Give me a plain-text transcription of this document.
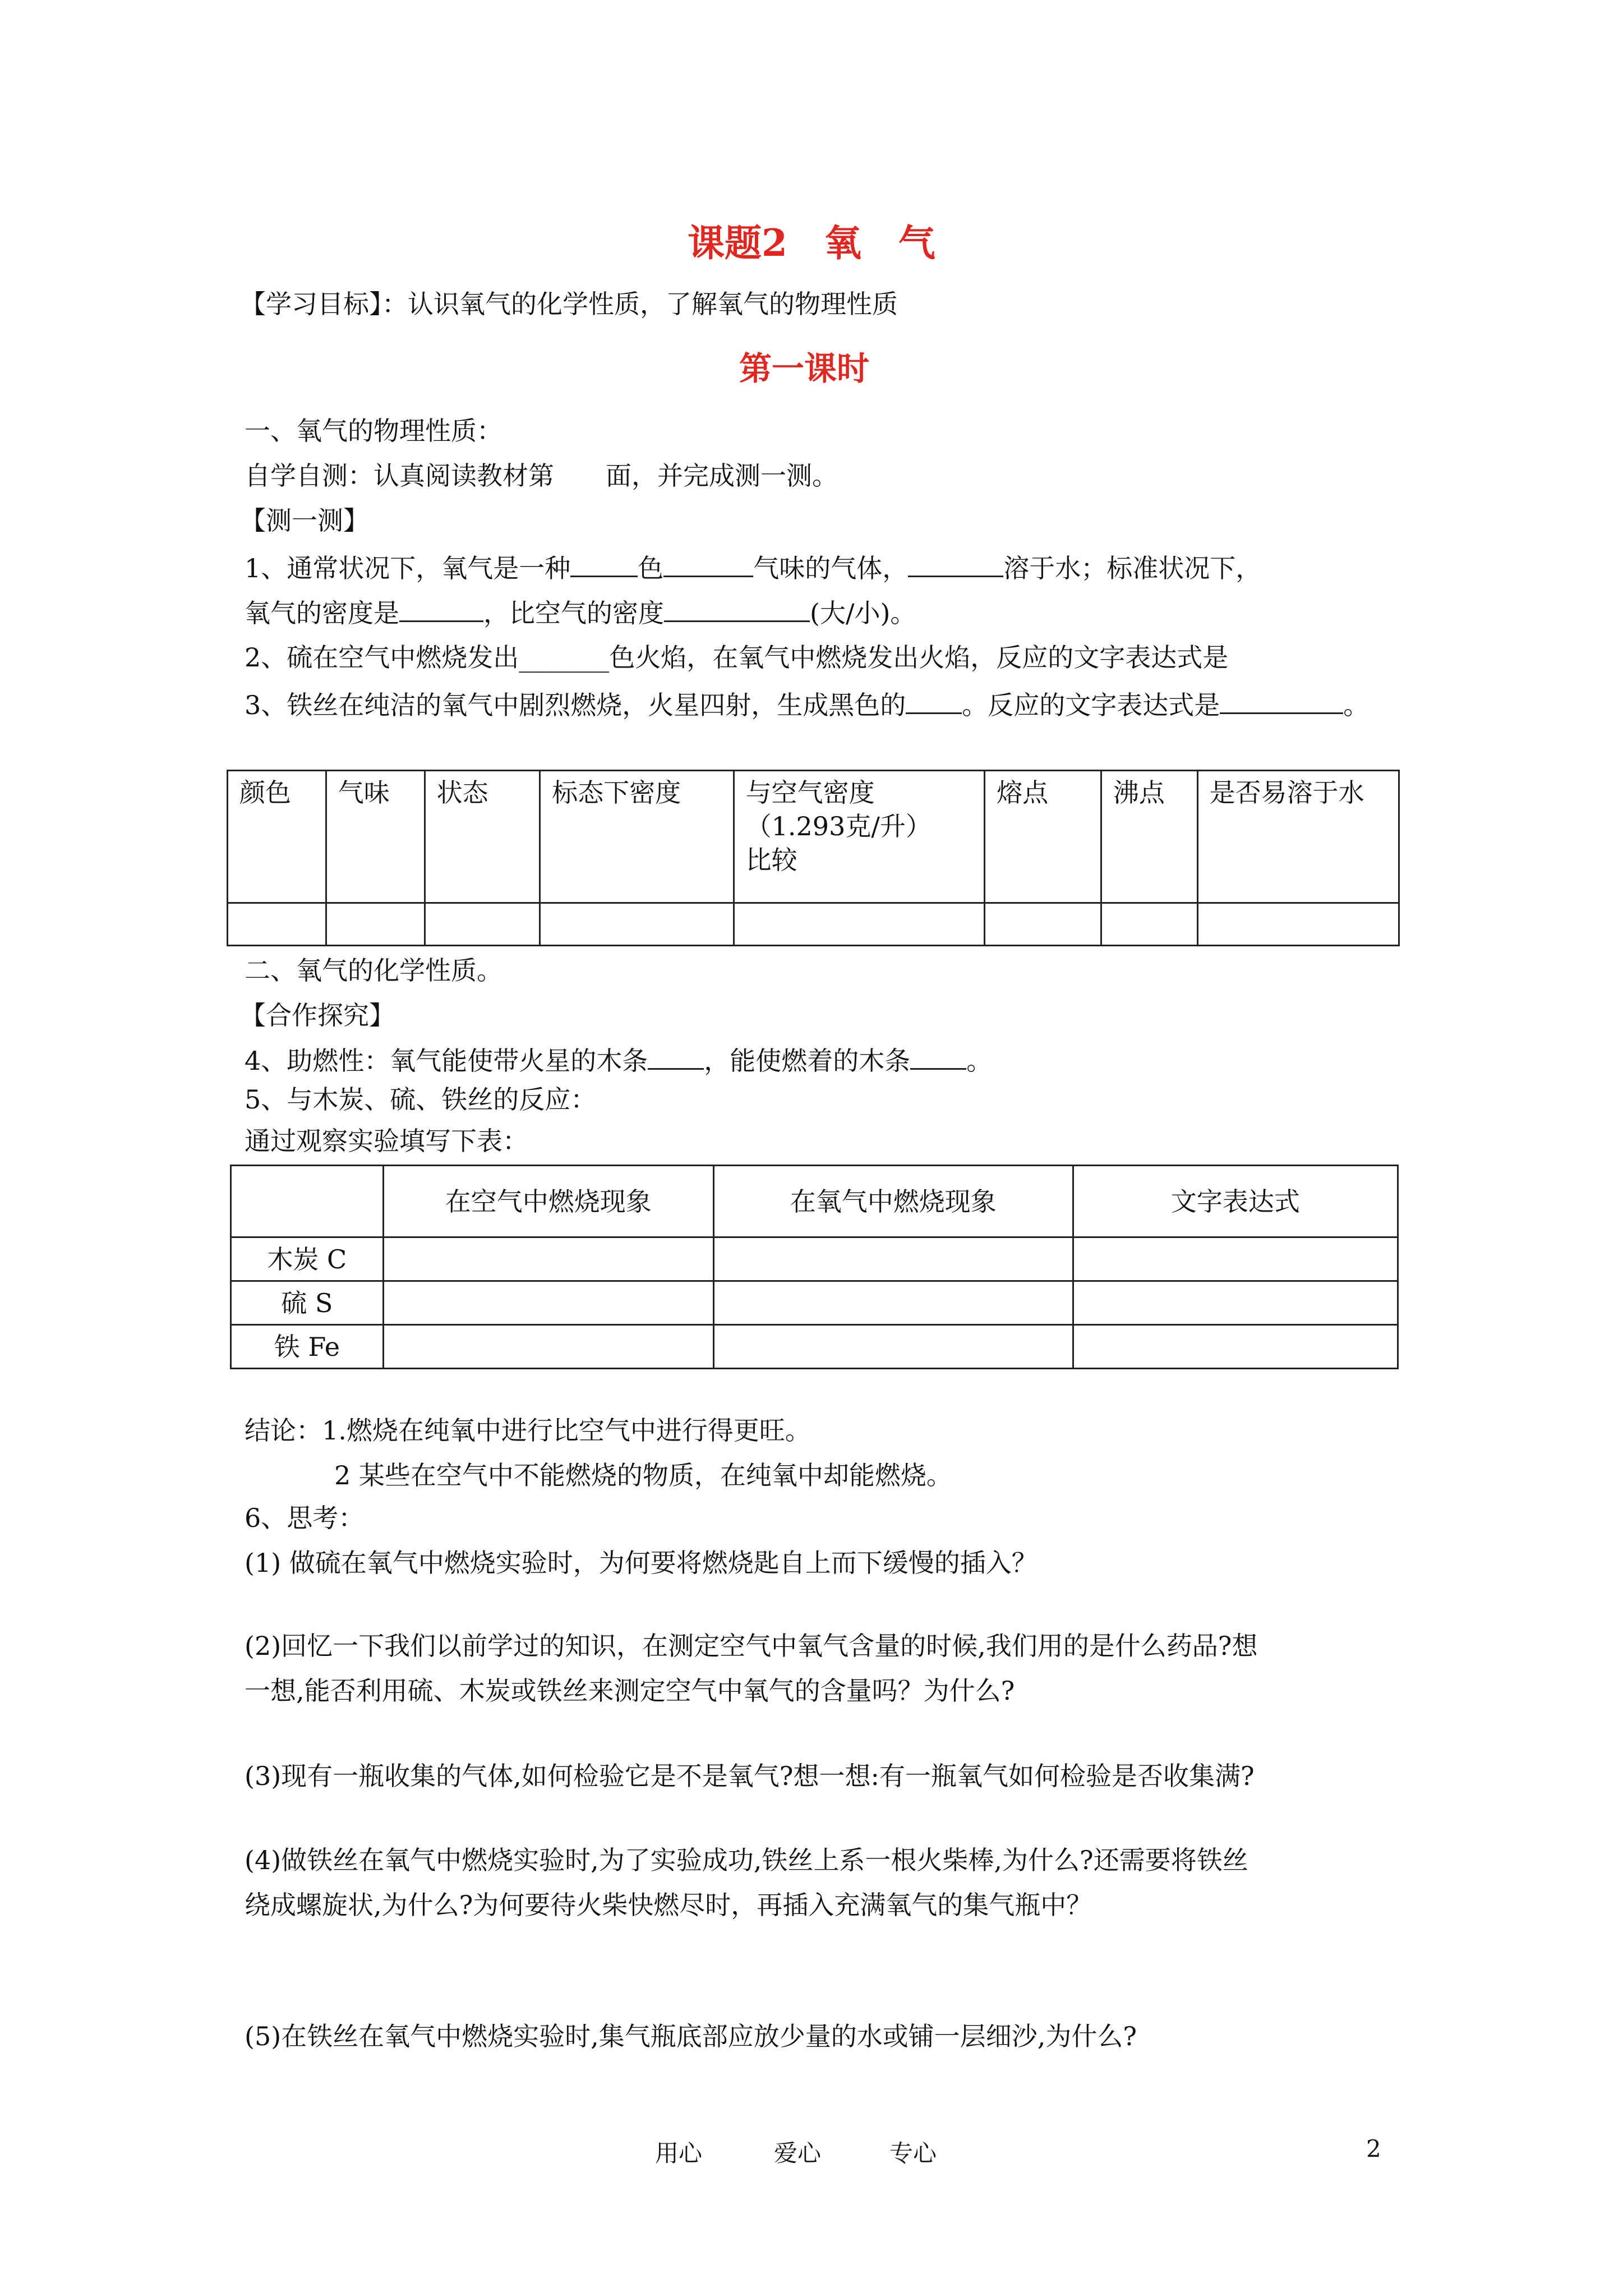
课题2　氧　气
【学习目标】：认识氧气的化学性质，了解氧气的物理性质
第一课时
一、氧气的物理性质：
自学自测：认真阅读教材第　　面，并完成测一测。
【测一测】
1、通常状况下，氧气是一种	色	气味的气体，	溶于水；标准状况下，
氧气的密度是	，比空气的密度	(大/小)。
2、硫在空气中燃烧发出_______色火焰，在氧气中燃烧发出火焰，反应的文字表达式是
3、铁丝在纯洁的氧气中剧烈燃烧，火星四射，生成黑色的 。反应的文字表达式是	。
颜色	气味	状态	标态下密度	与空气密度
（1.293克/升）
比较	熔点	沸点	是否易溶于水

二、氧气的化学性质。
【合作探究】
4、助燃性：氧气能使带火星的木条 ，能使燃着的木条 。
5、与木炭、硫、铁丝的反应：
通过观察实验填写下表：
	在空气中燃烧现象	在氧气中燃烧现象	文字表达式
木炭 C			
硫 S			
铁 Fe			
结论：1.燃烧在纯氧中进行比空气中进行得更旺。
2 某些在空气中不能燃烧的物质，在纯氧中却能燃烧。
6、思考：
(1) 做硫在氧气中燃烧实验时，为何要将燃烧匙自上而下缓慢的插入？
(2)回忆一下我们以前学过的知识，在测定空气中氧气含量的时候,我们用的是什么药品?想
一想,能否利用硫、木炭或铁丝来测定空气中氧气的含量吗？为什么?
(3)现有一瓶收集的气体,如何检验它是不是氧气?想一想:有一瓶氧气如何检验是否收集满?
(4)做铁丝在氧气中燃烧实验时,为了实验成功,铁丝上系一根火柴棒,为什么?还需要将铁丝
绕成螺旋状,为什么?为何要待火柴快燃尽时，再插入充满氧气的集气瓶中？
(5)在铁丝在氧气中燃烧实验时,集气瓶底部应放少量的水或铺一层细沙,为什么?
用心	爱心	专心	2
